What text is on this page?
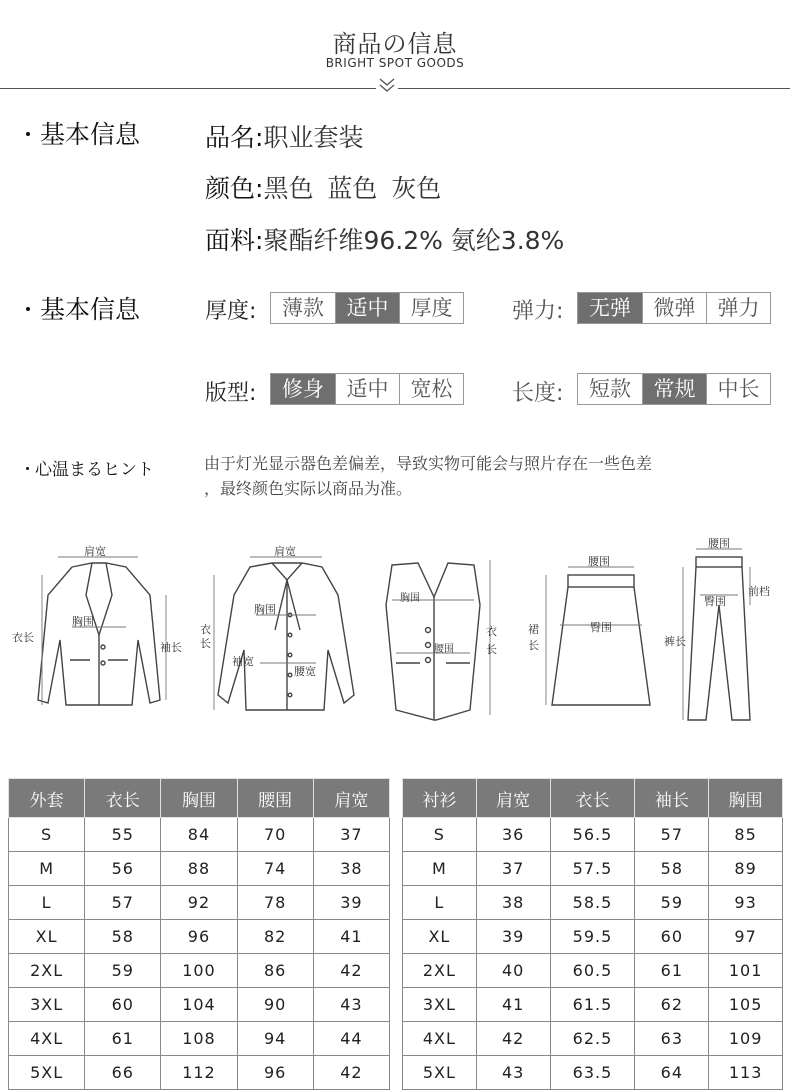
商品の信息
BRIGHT SPOT GOODS
基本信息	品名:职业套装
颜色:黑色 蓝色 灰色
面料:聚酯纤维96.2% 氨纶3.8%
基本信息	厚度:	薄款	适中	厚度	弹力:	无弹	微弹	弹力
版型:	修身	适中	宽松	长度:	短款	常规	中长
心温まるヒント	由于灯光显示器色差偏差，导致实物可能会与照片存在一些色差
，最终颜色实际以商品为准。
肩宽
胸围
衣长
袖长
肩宽
胸围
衣
长
袖宽
腰宽
胸围
腰围
衣
长
腰围
臀围
裙
长
腰围
臀围
前档
裤长
外套	衣长	胸围	腰围	肩宽
S	55	84	70	37
M	56	88	74	38
L	57	92	78	39
XL	58	96	82	41
2XL	59	100	86	42
3XL	60	104	90	43
4XL	61	108	94	44
5XL	66	112	96	42
衬衫	肩宽	衣长	袖长	胸围
S	36	56.5	57	85
M	37	57.5	58	89
L	38	58.5	59	93
XL	39	59.5	60	97
2XL	40	60.5	61	101
3XL	41	61.5	62	105
4XL	42	62.5	63	109
5XL	43	63.5	64	113
